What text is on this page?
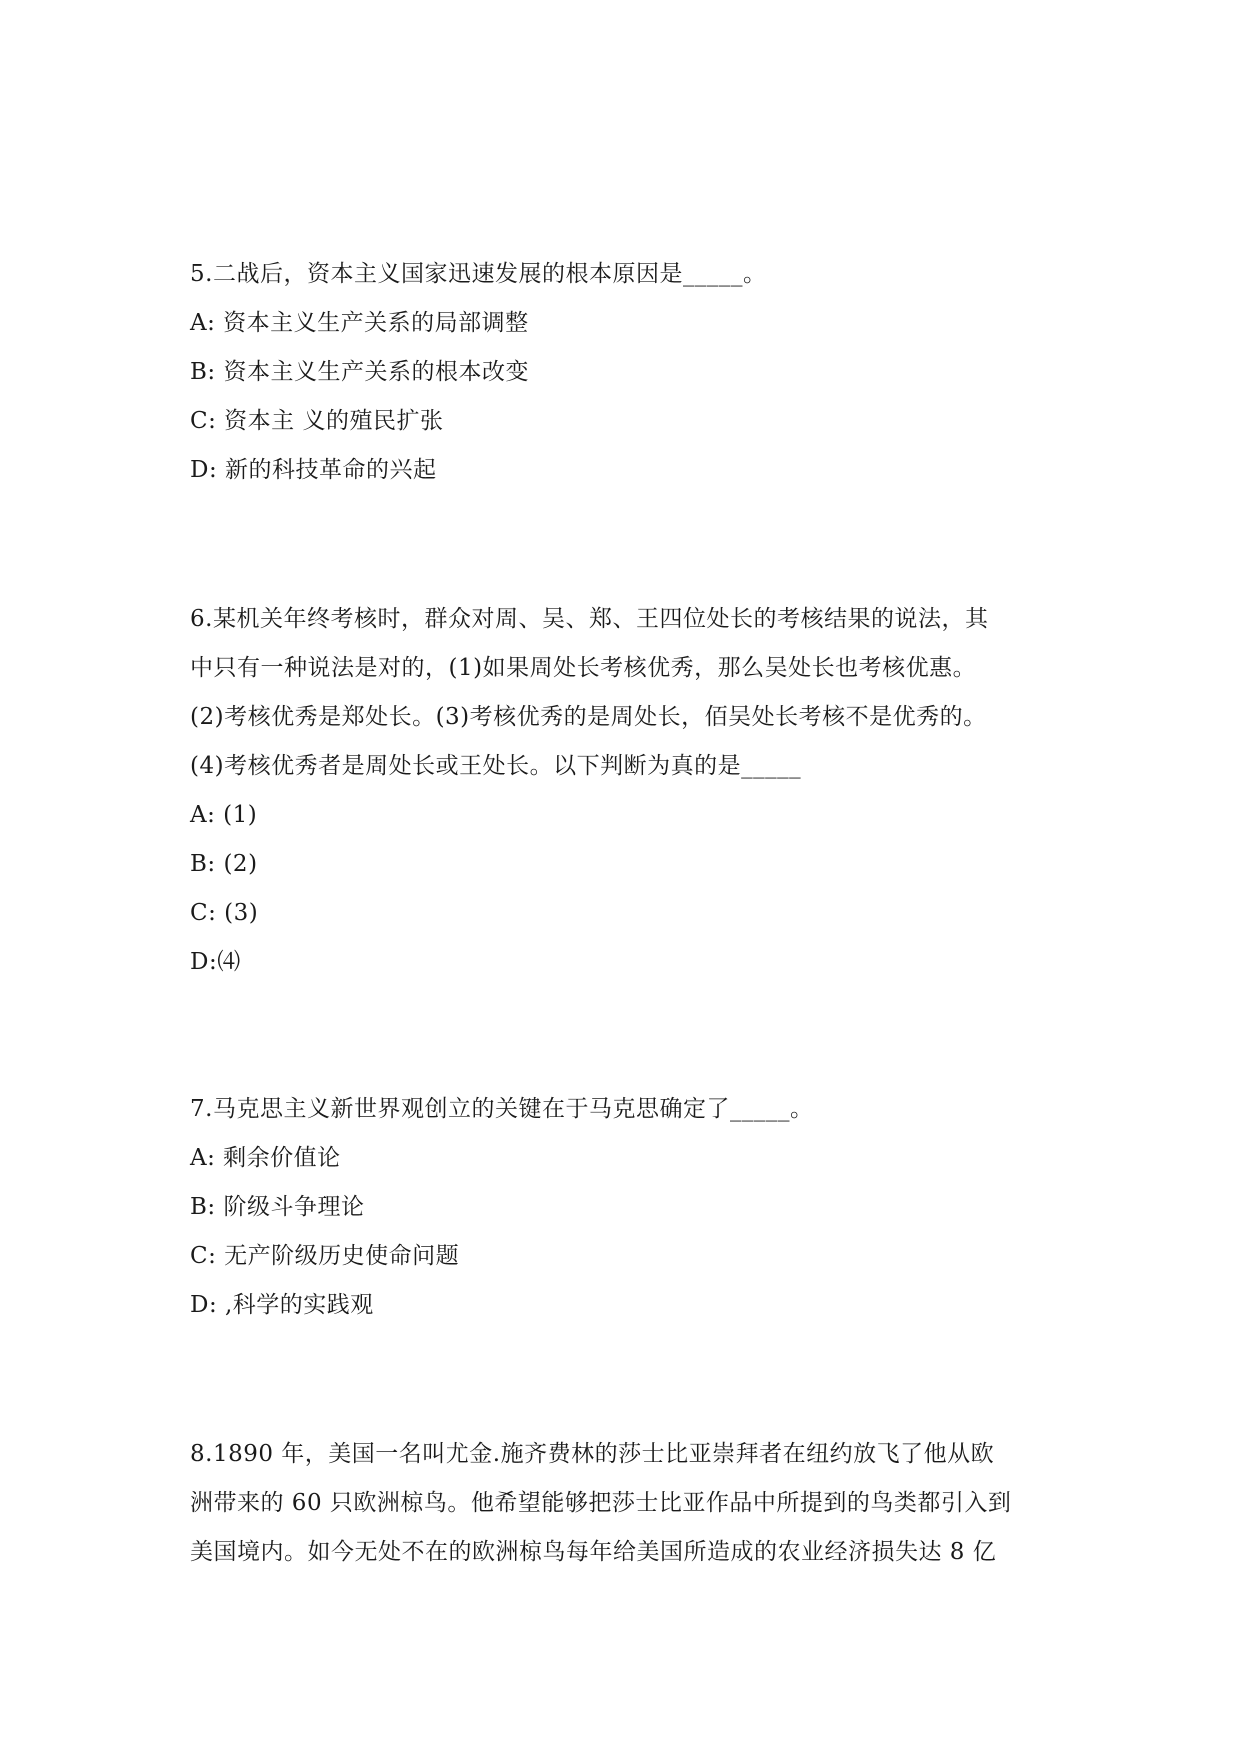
5.二战后，资本主义国家迅速发展的根本原因是_____。
A: 资本主义生产关系的局部调整
B: 资本主义生产关系的根本改变
C: 资本主 义的殖民扩张
D: 新的科技革命的兴起
6.某机关年终考核时，群众对周、吴、郑、王四位处长的考核结果的说法，其
中只有一种说法是对的，(1)如果周处长考核优秀，那么吴处长也考核优惠。
(2)考核优秀是郑处长。(3)考核优秀的是周处长，佰吴处长考核不是优秀的。
(4)考核优秀者是周处长或王处长。以下判断为真的是_____
A: (1)
B: (2)
C: (3)
D:⑷
7.马克思主义新世界观创立的关键在于马克思确定了_____。
A: 剩余价值论
B: 阶级斗争理论
C: 无产阶级历史使命问题
D: ,科学的实践观
8.1890 年，美国一名叫尤金.施齐费林的莎士比亚崇拜者在纽约放飞了他从欧
洲带来的 60 只欧洲椋鸟。他希望能够把莎士比亚作品中所提到的鸟类都引入到
美国境内。如今无处不在的欧洲椋鸟每年给美国所造成的农业经济损失达 8 亿
